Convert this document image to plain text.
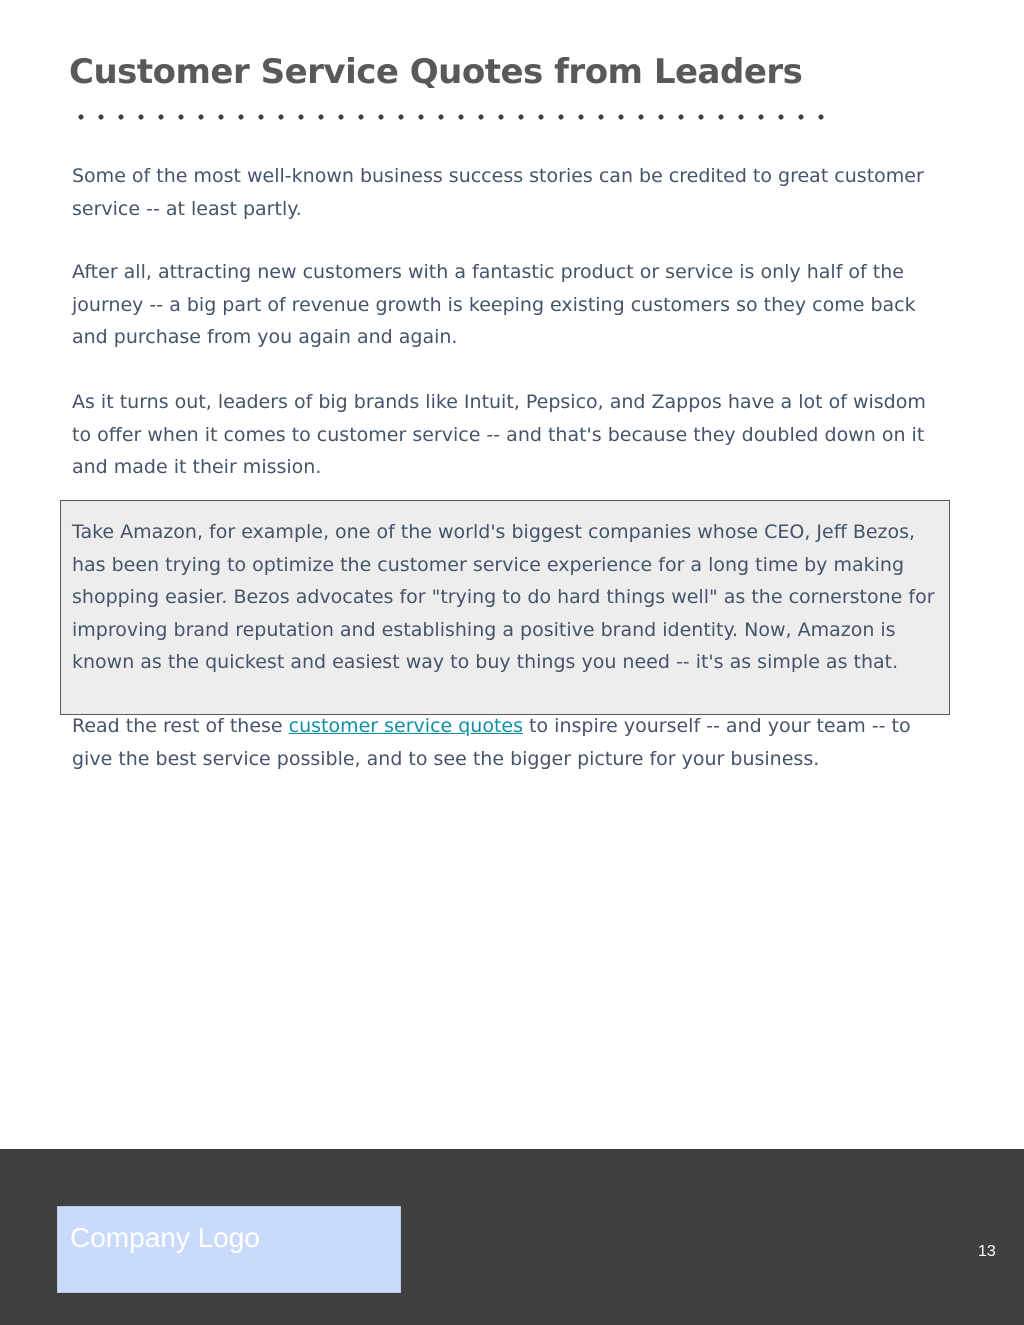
Customer Service Quotes from Leaders

Some of the most well-known business success stories can be credited to great customer service -- at least partly.

After all, attracting new customers with a fantastic product or service is only half of the journey -- a big part of revenue growth is keeping existing customers so they come back and purchase from you again and again.

As it turns out, leaders of big brands like Intuit, Pepsico, and Zappos have a lot of wisdom to offer when it comes to customer service -- and that's because they doubled down on it and made it their mission.

Take Amazon, for example, one of the world's biggest companies whose CEO, Jeff Bezos, has been trying to optimize the customer service experience for a long time by making shopping easier. Bezos advocates for "trying to do hard things well" as the cornerstone for improving brand reputation and establishing a positive brand identity. Now, Amazon is known as the quickest and easiest way to buy things you need -- it's as simple as that.

Read the rest of these customer service quotes to inspire yourself -- and your team -- to give the best service possible, and to see the bigger picture for your business.

Company Logo	13
